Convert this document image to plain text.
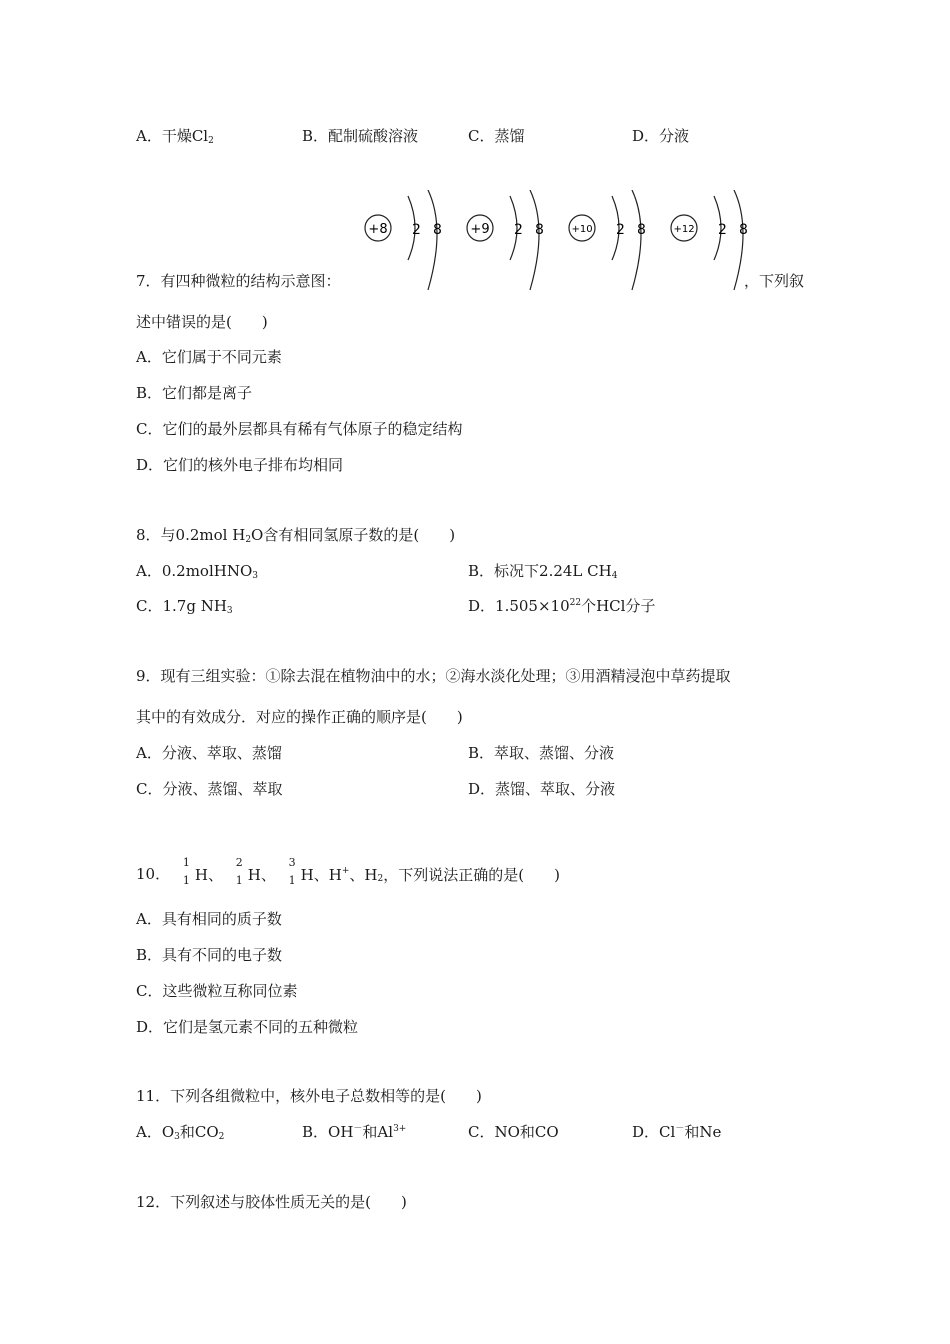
A．干燥$Cl_2$	B．配制硫酸溶液	C．蒸馏	D．分液
+8 2 8 +9 2 8	+10 2 8	+12 2 8
7．有四种微粒的结构示意图：	，下列叙
述中错误的是(　　)
A．它们属于不同元素
B．它们都是离子
C．它们的最外层都具有稀有气体原子的稳定结构
D．它们的核外电子排布均相同
8．与0.2mol $H_2O$含有相同氢原子数的是(　　)
A．0.2molHNO$_3$	B．标况下2.24L $CH_4$
C．1.7g $NH_3$	D．$1.505\times 10^{22}$个HCl分子
9．现有三组实验：①除去混在植物油中的水；②海水淡化处理；③用酒精浸泡中草药提取
其中的有效成分．对应的操作正确的顺序是(　　)
A．分液、萃取、蒸馏	B．萃取、蒸馏、分液
C．分液、蒸馏、萃取	D．蒸馏、萃取、分液
10．
1
1 H、
2
1 H、
3
1 H、H+、$H_2$，下列说法正确的是(　　)
A．具有相同的质子数
B．具有不同的电子数
C．这些微粒互称同位素
D．它们是氢元素不同的五种微粒
11．下列各组微粒中，核外电子总数相等的是(　　)
A．$O_3$和$CO_2$	B．OH－和$Al^{3+}$	C．NO和CO	D．Cl－和Ne
12．下列叙述与胶体性质无关的是(　　)
